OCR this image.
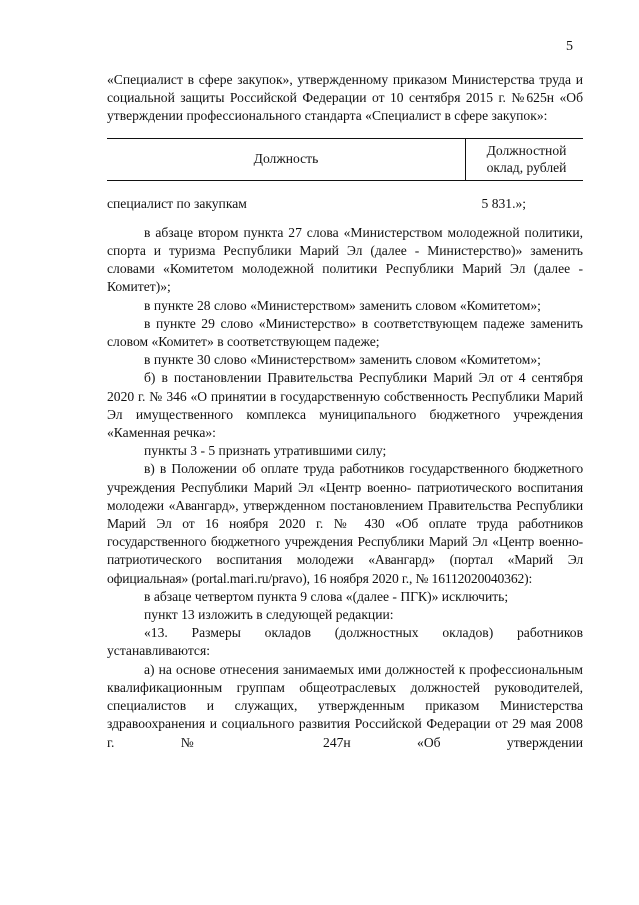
5

«Специалист в сфере закупок», утвержденному приказом Министерства труда и социальной защиты Российской Федерации от 10 сентября 2015 г. №625н «Об утверждении профессионального стандарта «Специалист в сфере закупок»:

Должность	Должностной
оклад, рублей
специалист по закупкам	5 831.»;

в абзаце втором пункта 27 слова «Министерством молодежной политики, спорта и туризма Республики Марий Эл (далее - Министерство)» заменить словами «Комитетом молодежной политики Республики Марий Эл (далее - Комитет)»;

в пункте 28 слово «Министерством» заменить словом «Комитетом»;

в пункте 29 слово «Министерство» в соответствующем падеже заменить словом «Комитет» в соответствующем падеже;

в пункте 30 слово «Министерством» заменить словом «Комитетом»;

б) в постановлении Правительства Республики Марий Эл от 4 сентября 2020 г. № 346 «О принятии в государственную собственность Республики Марий Эл имущественного комплекса муниципального бюджетного учреждения «Каменная речка»:

пункты 3 - 5 признать утратившими силу;

в) в Положении об оплате труда работников государственного бюджетного учреждения Республики Марий Эл «Центр военно- патриотического воспитания молодежи «Авангард», утвержденном постановлением Правительства Республики Марий Эл от 16 ноября 2020 г. № 430 «Об оплате труда работников государственного бюджетного учреждения Республики Марий Эл «Центр военно-патриотического воспитания молодежи «Авангард» (портал «Марий Эл официальная» (portal.mari.ru/pravo), 16 ноября 2020 г., № 16112020040362):

в абзаце четвертом пункта 9 слова «(далее - ПГК)» исключить;

пункт 13 изложить в следующей редакции:

«13. Размеры окладов (должностных окладов) работников устанавливаются:

а) на основе отнесения занимаемых ими должностей к профессиональным квалификационным группам общеотраслевых должностей руководителей, специалистов и служащих, утвержденным приказом Министерства здравоохранения и социального развития Российской Федерации от 29 мая 2008 г. № 247н «Об утверждении
